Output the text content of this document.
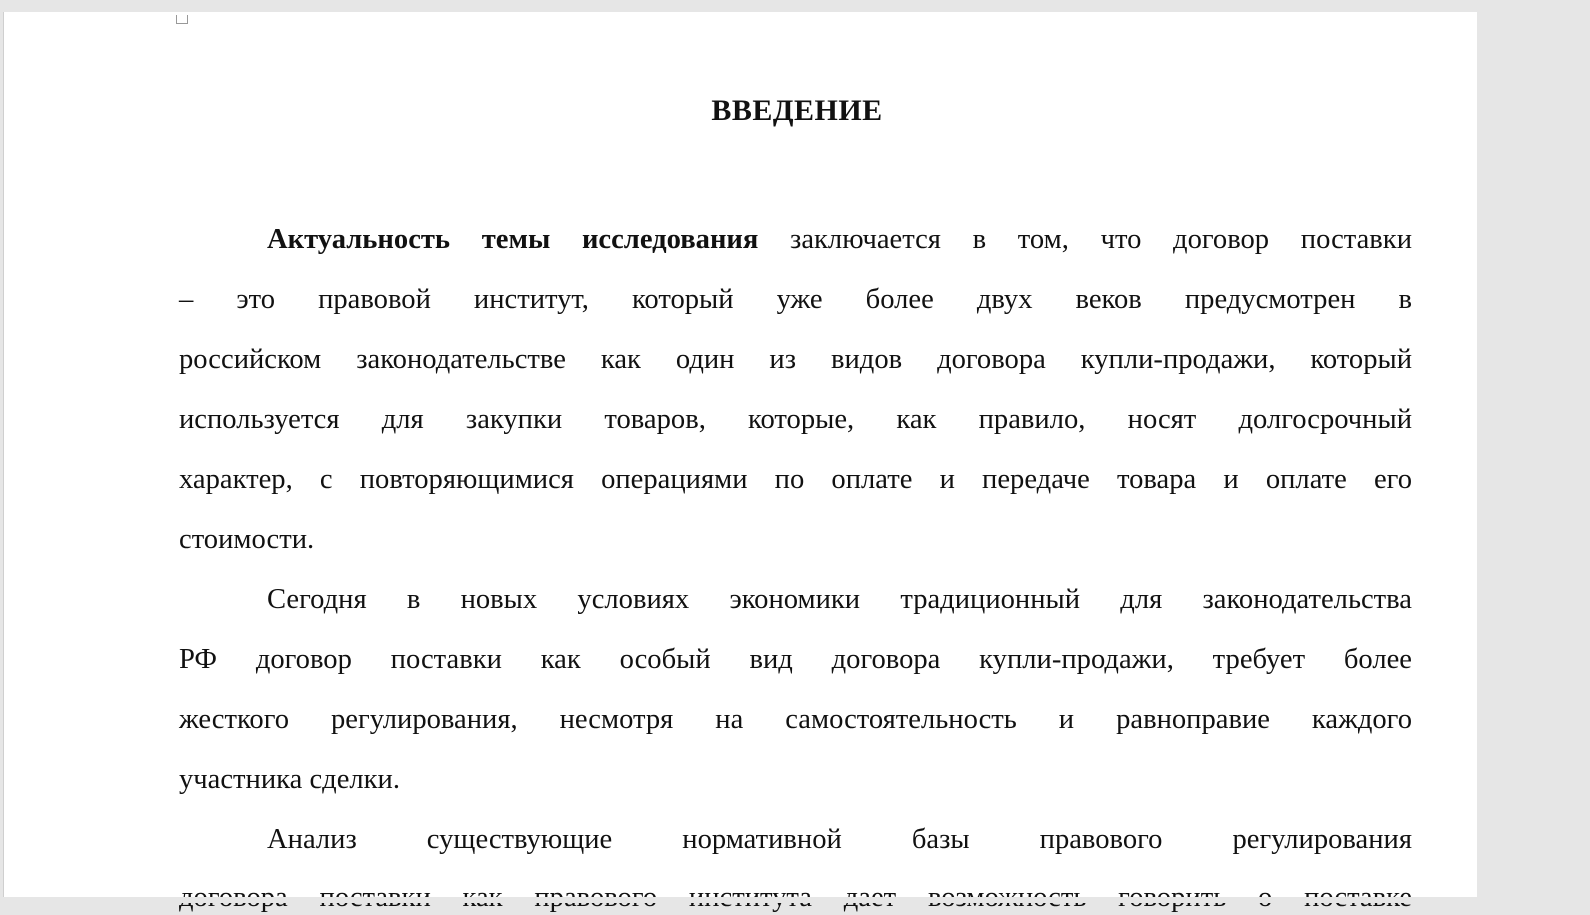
ВВЕДЕНИЕ
Актуальность темы исследования заключается в том, что договор поставки
– это правовой институт, который уже более двух веков предусмотрен в
российском законодательстве как один из видов договора купли-продажи, который
используется для закупки товаров, которые, как правило, носят долгосрочный
характер, с повторяющимися операциями по оплате и передаче товара и оплате его
стоимости.
Сегодня в новых условиях экономики традиционный для законодательства
РФ договор поставки как особый вид договора купли-продажи, требует более
жесткого регулирования, несмотря на самостоятельность и равноправие каждого
участника сделки.
Анализ существующие нормативной базы правового регулирования
